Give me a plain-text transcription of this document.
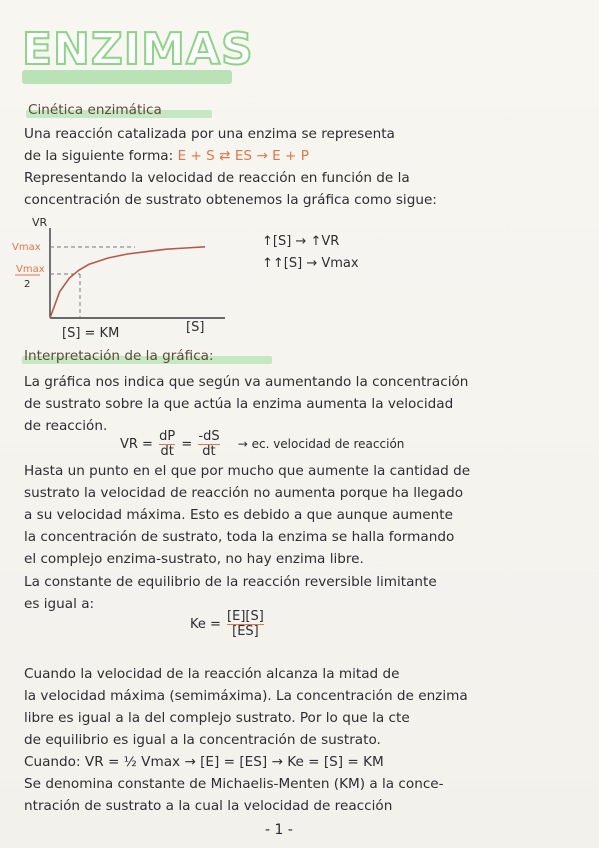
ENZIMAS
Cinética enzimática
Una reacción catalizada por una enzima se representa
de la siguiente forma: E + S ⇄ ES → E + P
Representando la velocidad de reacción en función de la
concentración de sustrato obtenemos la gráfica como sigue:
VR
Vmax
Vmax
2
[S] = KM	[S]
↑[S] → ↑VR
↑↑[S] → Vmax
Interpretación de la gráfica:
La gráfica nos indica que según va aumentando la concentración
de sustrato sobre la que actúa la enzima aumenta la velocidad
de reacción.
VR = $\frac{dP}{dt} = \frac{-dS}{dt}$ → ec. velocidad de reacción
Hasta un punto en el que por mucho que aumente la cantidad de
sustrato la velocidad de reacción no aumenta porque ha llegado
a su velocidad máxima. Esto es debido a que aunque aumente
la concentración de sustrato, toda la enzima se halla formando
el complejo enzima-sustrato, no hay enzima libre.
La constante de equilibrio de la reacción reversible limitante
es igual a:
$Ke = \frac{[E][S]}{[ES]}$
Cuando la velocidad de la reacción alcanza la mitad de
la velocidad máxima (semimáxima). La concentración de enzima
libre es igual a la del complejo sustrato. Por lo que la cte
de equilibrio es igual a la concentración de sustrato.
Cuando: VR = ½ Vmax → [E] = [ES] → Ke = [S] = KM
Se denomina constante de Michaelis-Menten (KM) a la conce-
ntración de sustrato a la cual la velocidad de reacción
- 1 -
